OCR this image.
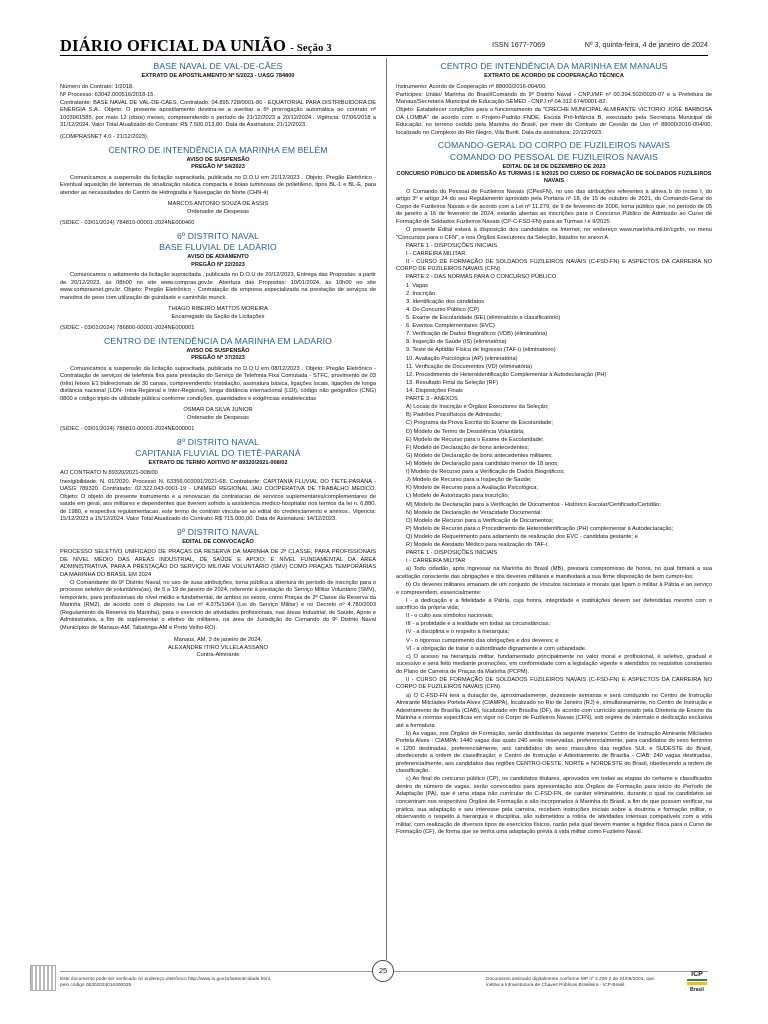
DIÁRIO OFICIAL DA UNIÃO - Seção 3	ISSN 1677-7069	Nº 3, quinta-feira, 4 de janeiro de 2024
BASE NAVAL DE VAL-DE-CÃES
EXTRATO DE APOSTILAMENTO Nº 5/2023 - UASG 784800

Número do Contrato: 1/2018.

Nº Processo: 63042.000516/2018-15.

Contratante: BASE NAVAL DE VAL-DE-CAES. Contratado: 04.895.728/0001-80 - EQUATORIAL PARA DISTRIBUIDORA DE ENERGIA S.A.. Objeto: O presente apostilamento destina-se a averbar a 5ª prorrogação automática ao contrato nº 1003961585, por mais 12 (doze) meses, compreendendo o período de 21/12/2023 a 20/12/2024.. Vigência: 07/06/2018 a 31/12/2024. Valor Total Atualizado do Contrato: R$ 7.500.013,80. Data de Assinatura: 21/12/2023.

(COMPRASNET 4.0 - 21/12/2023).

CENTRO DE INTENDÊNCIA DA MARINHA EM BELÉM
AVISO DE SUSPENSÃO
PREGÃO Nº 54/2023

Comunicamos a suspensão da licitação supracitada, publicada no D.O.U em 21/12/2023 . Objeto: Pregão Eletrônico - Eventual aquisição de lanternas de sinalização náutica compacta e boias luminosas de polietileno, tipos BL-1 e BL-E, para atender as necessidades do Centro de Hidrografia e Navegação do Norte (CHN-4)

MARCOS ANTONIO SOUZA DE ASSIS
Ordenador de Despesas

(SIDEC - 03/01/2024) 784810-00001-2024NE000460

6º DISTRITO NAVAL
BASE FLUVIAL DE LADÁRIO
AVISO DE ADIAMENTO
PREGÃO Nº 22/2023

Comunicamos o adiamento da licitação supracitada , publicada no D.O.U de 20/12/2023, Entrega das Propostas: a partir de 20/12/2023, às 08h00 no site www.compras.gov.br. Abertura das Propostas: 10/01/2024, às 10h00 no site www.comprasnet.gov.br. Objeto: Pregão Eletrônico - Contratação de empresa especializada na prestação de serviços de manobra de peso com utilização de guindaste e caminhão munck.

THIAGO RIBEIRO MATTOS MOREIRA
Encarregado da Seção de Licitações

(SIDEC - 03/01/2024) 786800-00001-2024NE000001

CENTRO DE INTENDÊNCIA DA MARINHA EM LADÁRIO
AVISO DE SUSPENSÃO
PREGÃO Nº 37/2023

Comunicamos a suspensão da licitação supracitada, publicada no D.O.U em 08/12/2023 . Objeto: Pregão Eletrônico - Contratação de serviços de telefonia fixa para prestação do Serviço de Telefonia Fixa Comutada - STFC, provimento de 03 (três) feixes E1 bidirecionais de 30 canais, compreendendo: instalação, assinatura básica, ligações locais, ligações de longa distância nacional (LDN- Intra-Regional e Inter-Regional), longa distância internacional (LDI), código não geográfico (CNG) 0800 e código triplo de utilidade pública conforme condições, quantidades e exigências estabelecidas

OSMAR DA SILVA JUNIOR
Ordenador de Despesas

(SIDEC - 03/01/2024) 786810-00001-2024NE000001

8º DISTRITO NAVAL
CAPITANIA FLUVIAL DO TIETÊ-PARANÁ
EXTRATO DE TERMO ADITIVO Nº 89320/2021-008/02

AO CONTRATO N 89320/2021-008/00

Inexigibilidade. N. 01/2020. Processo N. 63356.003091/2021-68. Contratante: CAPITANIA FLUVIAL DO TIETE-PARANA - UASG 789320. Contratado: 02.322.043-0001-19 - UNIMED REGIONAL JAU COOPERATIVA DE TRABALHO MEDICO. Objeto: O objeto do presente instrumento e a renovacao da contratacao de servicos suplementares/complementares de saude em geral, aos militares e dependentes que tiverem sofrido a assistencia medico-hospitalar nos termos da lei n. 6.880, de 1980, e respectiva regulamentacao. este termo de contrato vincula-se ao edital do credenciamento e anexos.. Vigencia: 15/12/2023 a 15/12/2024. Valor Total Atualizado do Contrato: R$ 715.000,00. Data de Assinatura: 14/12/2023.

9º DISTRITO NAVAL
EDITAL DE CONVOCAÇÃO

PROCESSO SELETIVO UNIFICADO DE PRAÇAS DA RESERVA DA MARINHA DE 2ª CLASSE, PARA PROFISSIONAIS DE NÍVEL MÉDIO DAS ÁREAS INDUSTRIAL, DE SAÚDE E APOIO; E NÍVEL FUNDAMENTAL DA ÁREA ADMINISTRATIVA, PARA A PRESTAÇÃO DO SERVIÇO MILITAR VOLUNTÁRIO (SMV) COMO PRAÇAS TEMPORÁRIAS DA MARINHA DO BRASIL EM 2024

O Comandante do 9º Distrito Naval, no uso de suas atribuições, torna pública a abertura do período de inscrição para o processo seletivo de voluntários(as), de 5 a 19 de janeiro de 2024, referente à prestação do Serviço Militar Voluntário (SMV), temporário, para profissionais de nível médio e fundamental, de ambos os sexos, como Praças de 2ª Classe da Reserva da Marinha (RM2), de acordo com o disposto na Lei nº 4.375/1964 (Lei do Serviço Militar) e no Decreto nº 4.780/2003 (Regulamento da Reserva da Marinha), para o exercício de atividades profissionais, nas áreas Industrial, de Saúde, Apoio e Administrativa, a fim de suplementar o efetivo de militares, na área de Jurisdição do Comando do 9º Distrito Naval (Municípios de Manaus-AM, Tabatinga-AM e Porto Velho-RO).

Manaus, AM, 3 de janeiro de 2024.
ALEXANDRE ITIRO VILLELA ASSANO
Contra-Almirante
CENTRO DE INTENDÊNCIA DA MARINHA EM MANAUS
EXTRATO DE ACORDO DE COOPERAÇÃO TÉCNICA

Instrumento: Acordo de Cooperação nº 88000/2016-004/00.

Partícipes: União/ Marinha do Brasil/Comando do 9º Distrito Naval - CNPJ/MF nº 00.394.502/0020-07 e a Prefeitura de Manaus/Secretaria Municipal de Educação-SEMED - CNPJ nº 04.312.674/0001-82.

Objeto: Estabelecer condições para o funcionamento da "CRECHE MUNICIPAL ALMIRANTE VICTORIO JOSÉ BARBOSA DA LOMBA" de acordo com o Projeto-Padrão FNDE, Escola Pró-Infância B, executado pela Secretaria Municipal de Educação, no terreno cedido pela Marinha do Brasil, por meio do Contrato de Cessão de Uso nº 88000/2016-004/00, localizado no Complexo do Rio Negro, Vila Buriti. Data da assinatura: 22/12/2023.

COMANDO-GERAL DO CORPO DE FUZILEIROS NAVAIS
COMANDO DO PESSOAL DE FUZILEIROS NAVAIS
EDITAL DE 18 DE DEZEMBRO DE 2023
CONCURSO PÚBLICO DE ADMISSÃO ÀS TURMAS I E II/2025 DO CURSO DE FORMAÇÃO DE SOLDADOS FUZILEIROS NAVAIS

O Comando do Pessoal de Fuzileiros Navais (CPesFN), no uso das atribuições referentes à alínea b do inciso I, do artigo 3º e artigo 24 do seu Regulamento aprovado pela Portaria nº 18, de 15 de outubro de 2021, do Comando-Geral do Corpo de Fuzileiros Navais e de acordo com a Lei nº 11.279, de 9 de fevereiro de 2006, torna público que, no período de 05 de janeiro a 16 de fevereiro de 2024, estarão abertas as inscrições para o Concurso Público de Admissão ao Curso de Formação de Soldados Fuzileiros Navais (CP-C-FSD-FN) para as Turmas I e II/2025

O presente Edital estará à disposição dos candidatos na Internet, no endereço www.marinha.mil.br/cgcfn, no menu "Concursos para o CFN", e nos Órgãos Executores da Seleção, listados no anexo A.

PARTE 1 - DISPOSIÇÕES INICIAIS

I - CARREIRA MILITAR

II - CURSO DE FORMAÇÃO DE SOLDADOS FUZILEIROS NAVAIS (C-FSD-FN) E ASPECTOS DA CARREIRA NO CORPO DE FUZILEIROS NAVAIS (CFN)

PARTE 2 - DAS NORMAS PARA O CONCURSO PÚBLICO

1. Vagas

2. Inscrição

3. Identificação dos candidatos

4. Do Concurso Público (CP)

5. Exame de Escolaridade (EE) (eliminatório e classificatório)

6. Eventos Complementares (EVC)

7. Verificação de Dados Biográficos (VDB) (eliminatória)

8. Inspeção de Saúde (IS) (eliminatória)

9. Teste de Aptidão Física de Ingresso (TAF-i) (eliminatório)

10. Avaliação Psicológica (AP) (eliminatória)

11. Verificação de Documentos (VD) (eliminatória)

12. Procedimento de Heteroidentificação Complementar à Autodeclaração (PH)

13. Resultado Final da Seleção (RF)

14. Disposições Finais

PARTE 3 - ANEXOS

A) Locais de Inscrição e Órgãos Executores da Seleção;

B) Padrões Psicofísicos de Admissão;

C) Programa da Prova Escrita do Exame de Escolaridade;

D) Modelo de Termo de Desistência Voluntária;

E) Modelo de Recurso para o Exame de Escolaridade;

F) Modelo de Declaração de bons antecedentes;

G) Modelo de Declaração de bons antecedentes militares;

H) Modelo de Declaração para candidato menor de 18 anos;

I) Modelo de Recurso para a Verificação de Dados Biográficos;

J) Modelo de Recurso para a Inspeção de Saúde;

K) Modelo de Recurso para a Avaliação Psicológica;

L) Modelo de Autorização para inscrição;

M) Modelo de Declaração para a Verificação de Documentos - Histórico Escolar/Certificado/Certidão;

N) Modelo de Declaração de Veracidade Documental;

O) Modelo de Recurso para a Verificação de Documentos;

P) Modelo de Recurso para o Procedimento de Heteroidentificação (PH) complementar à Autodeclaração;

Q) Modelo de Requerimento para adiamento de realização dos EVC - candidata gestante; e

R) Modelo de Atestado Médico para realização do TAF-i.

PARTE 1 - DISPOSIÇÕES INICIAIS

I - CARREIRA MILITAR

a) Todo cidadão, após ingressar na Marinha do Brasil (MB), prestará compromisso de honra, no qual firmará a sua aceitação consciente das obrigações e dos deveres militares e manifestará a sua firme disposição de bem cumpri-los;

b) Os deveres militares emanam de um conjunto de vínculos racionais e morais que ligam o militar à Pátria e ao serviço e compreendem, essencialmente:

I - a dedicação e a fidelidade à Pátria, cuja honra, integridade e instituições devem ser defendidas mesmo com o sacrifício da própria vida;

II - o culto aos símbolos nacionais;

III - a probidade e a lealdade em todas as circunstâncias;

IV - a disciplina e o respeito à hierarquia;

V - o rigoroso cumprimento das obrigações e dos deveres; e

VI - a obrigação de tratar o subordinado dignamente e com urbanidade.

c) O acesso na hierarquia militar, fundamentado principalmente no valor moral e profissional, é seletivo, gradual e sucessivo e será feito mediante promoções, em conformidade com a legislação vigente e atendidos os requisitos constantes do Plano de Carreira de Praças da Marinha (PCPM).

II - CURSO DE FORMAÇÃO DE SOLDADOS FUZILEIROS NAVAIS (C-FSD-FN) E ASPECTOS DA CARREIRA NO CORPO DE FUZILEIROS NAVAIS (CFN)

a) O C-FSD-FN terá a duração de, aproximadamente, dezessete semanas e será conduzido no Centro de Instrução Almirante Milcíades Portela Alves (CIAMPA), localizado no Rio de Janeiro (RJ) e, simultaneamente, no Centro de Instrução e Adestramento de Brasília (CIAB), localizado em Brasília (DF), de acordo com currículo aprovado pela Diretoria de Ensino da Marinha e normas específicas em vigor no Corpo de Fuzileiros Navais (CFN), sob regime de internato e dedicação exclusiva até a formatura.

b) As vagas, nos Órgãos de Formação, serão distribuídas da seguinte maneira: Centro de Instrução Almirante Milcíades Portela Alves - CIAMPA: 1440 vagas das quais 240 serão reservadas, preferencialmente, para candidatos do sexo feminino e 1200 destinadas, preferencialmente, aos candidatos do sexo masculino das regiões SUL e SUDESTE do Brasil, obedecendo a ordem de classificação; e Centro de Instrução e Adestramento de Brasília - CIAB: 240 vagas destinadas, preferencialmente, aos candidatos das regiões CENTRO-OESTE, NORTE e NORDESTE do Brasil, obedecendo a ordem de classificação.

c) Ao final do concurso público (CP), os candidatos titulares, aprovados em todas as etapas do certame e classificados dentro do número de vagas, serão convocados para apresentação aos Órgãos de Formação para início do Período de Adaptação (PA), que é uma etapa não curricular do C-FSD-FN, de caráter eliminatório, durante o qual os candidatos se concentram nos respectivos Órgãos de Formação e são incorporados à Marinha do Brasil, a fim de que possam verificar, na prática, sua adaptação e seu interesse pela carreira, recebem instruções iniciais sobre a doutrina e formação militar, o observando o respeito à hierarquia e disciplina, são submetidos a rotina de atividades intensas compatíveis com a vida militar, com realização de diversos tipos de exercícios físicos, razão pela qual devem manter a higidez física para o Curso de Formação (CF), de forma que se tenha uma adaptação prévia à vida militar como Fuzileiro Naval.

Este documento pode ser verificado no endereço eletrônico http://www.in.gov.br/autenticidade.html, pelo código 05302024010400025
25
Documento assinado digitalmente conforme MP nº 2.200-2 de 24/08/2001, que institui a Infraestrutura de Chaves Públicas Brasileira - ICP-Brasil.
ICP
Brasil
